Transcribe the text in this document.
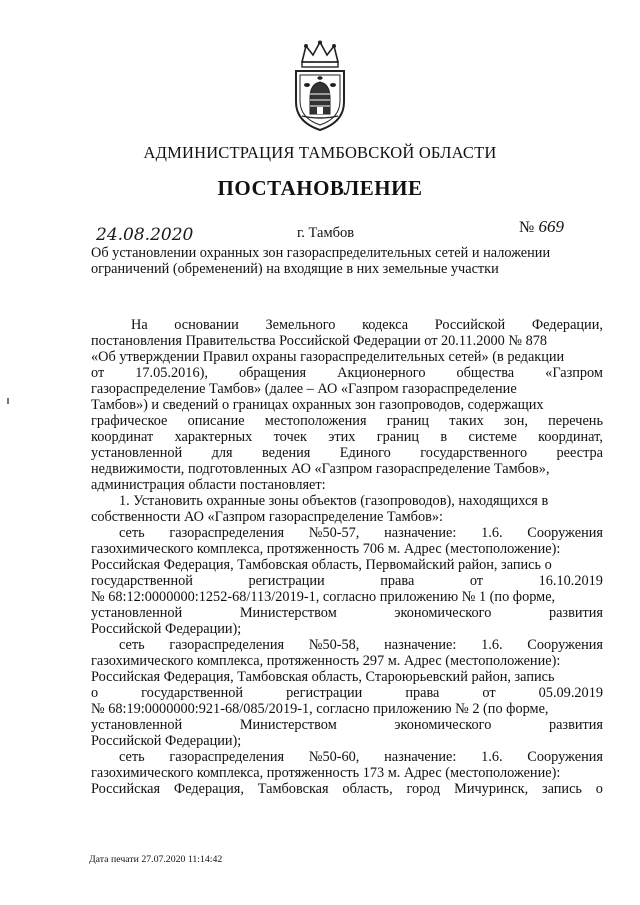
АДМИНИСТРАЦИЯ ТАМБОВСКОЙ ОБЛАСТИ
ПОСТАНОВЛЕНИЕ
24.08.2020	г. Тамбов	№ 669
Об установлении охранных зон газораспределительных сетей и наложении
ограничений (обременений) на входящие в них земельные участки
На основании Земельного кодекса Российской Федерации,
постановления Правительства Российской Федерации от 20.11.2000 № 878
«Об утверждении Правил охраны газораспределительных сетей» (в редакции
от 17.05.2016), обращения Акционерного общества «Газпром
газораспределение Тамбов» (далее – АО «Газпром газораспределение
Тамбов») и сведений о границах охранных зон газопроводов, содержащих
графическое описание местоположения границ таких зон, перечень
координат характерных точек этих границ в системе координат,
установленной для ведения Единого государственного реестра
недвижимости, подготовленных АО «Газпром газораспределение Тамбов»,
администрация области постановляет:
1. Установить охранные зоны объектов (газопроводов), находящихся в
собственности АО «Газпром газораспределение Тамбов»:
сеть газораспределения №50-57, назначение: 1.6. Сооружения
газохимического комплекса, протяженность 706 м. Адрес (местоположение):
Российская Федерация, Тамбовская область, Первомайский район, запись о
государственной	регистрации	права	от	16.10.2019
№ 68:12:0000000:1252-68/113/2019-1, согласно приложению № 1 (по форме,
установленной	Министерством	экономического	развития
Российской Федерации);
сеть газораспределения №50-58, назначение: 1.6. Сооружения
газохимического комплекса, протяженность 297 м. Адрес (местоположение):
Российская Федерация, Тамбовская область, Староюрьевский район, запись
о	государственной	регистрации	права	от	05.09.2019
№ 68:19:0000000:921-68/085/2019-1, согласно приложению № 2 (по форме,
установленной	Министерством	экономического	развития
Российской Федерации);
сеть газораспределения №50-60, назначение: 1.6. Сооружения
газохимического комплекса, протяженность 173 м. Адрес (местоположение):
Российская Федерация, Тамбовская область, город Мичуринск, запись о
Дата печати 27.07.2020 11:14:42
